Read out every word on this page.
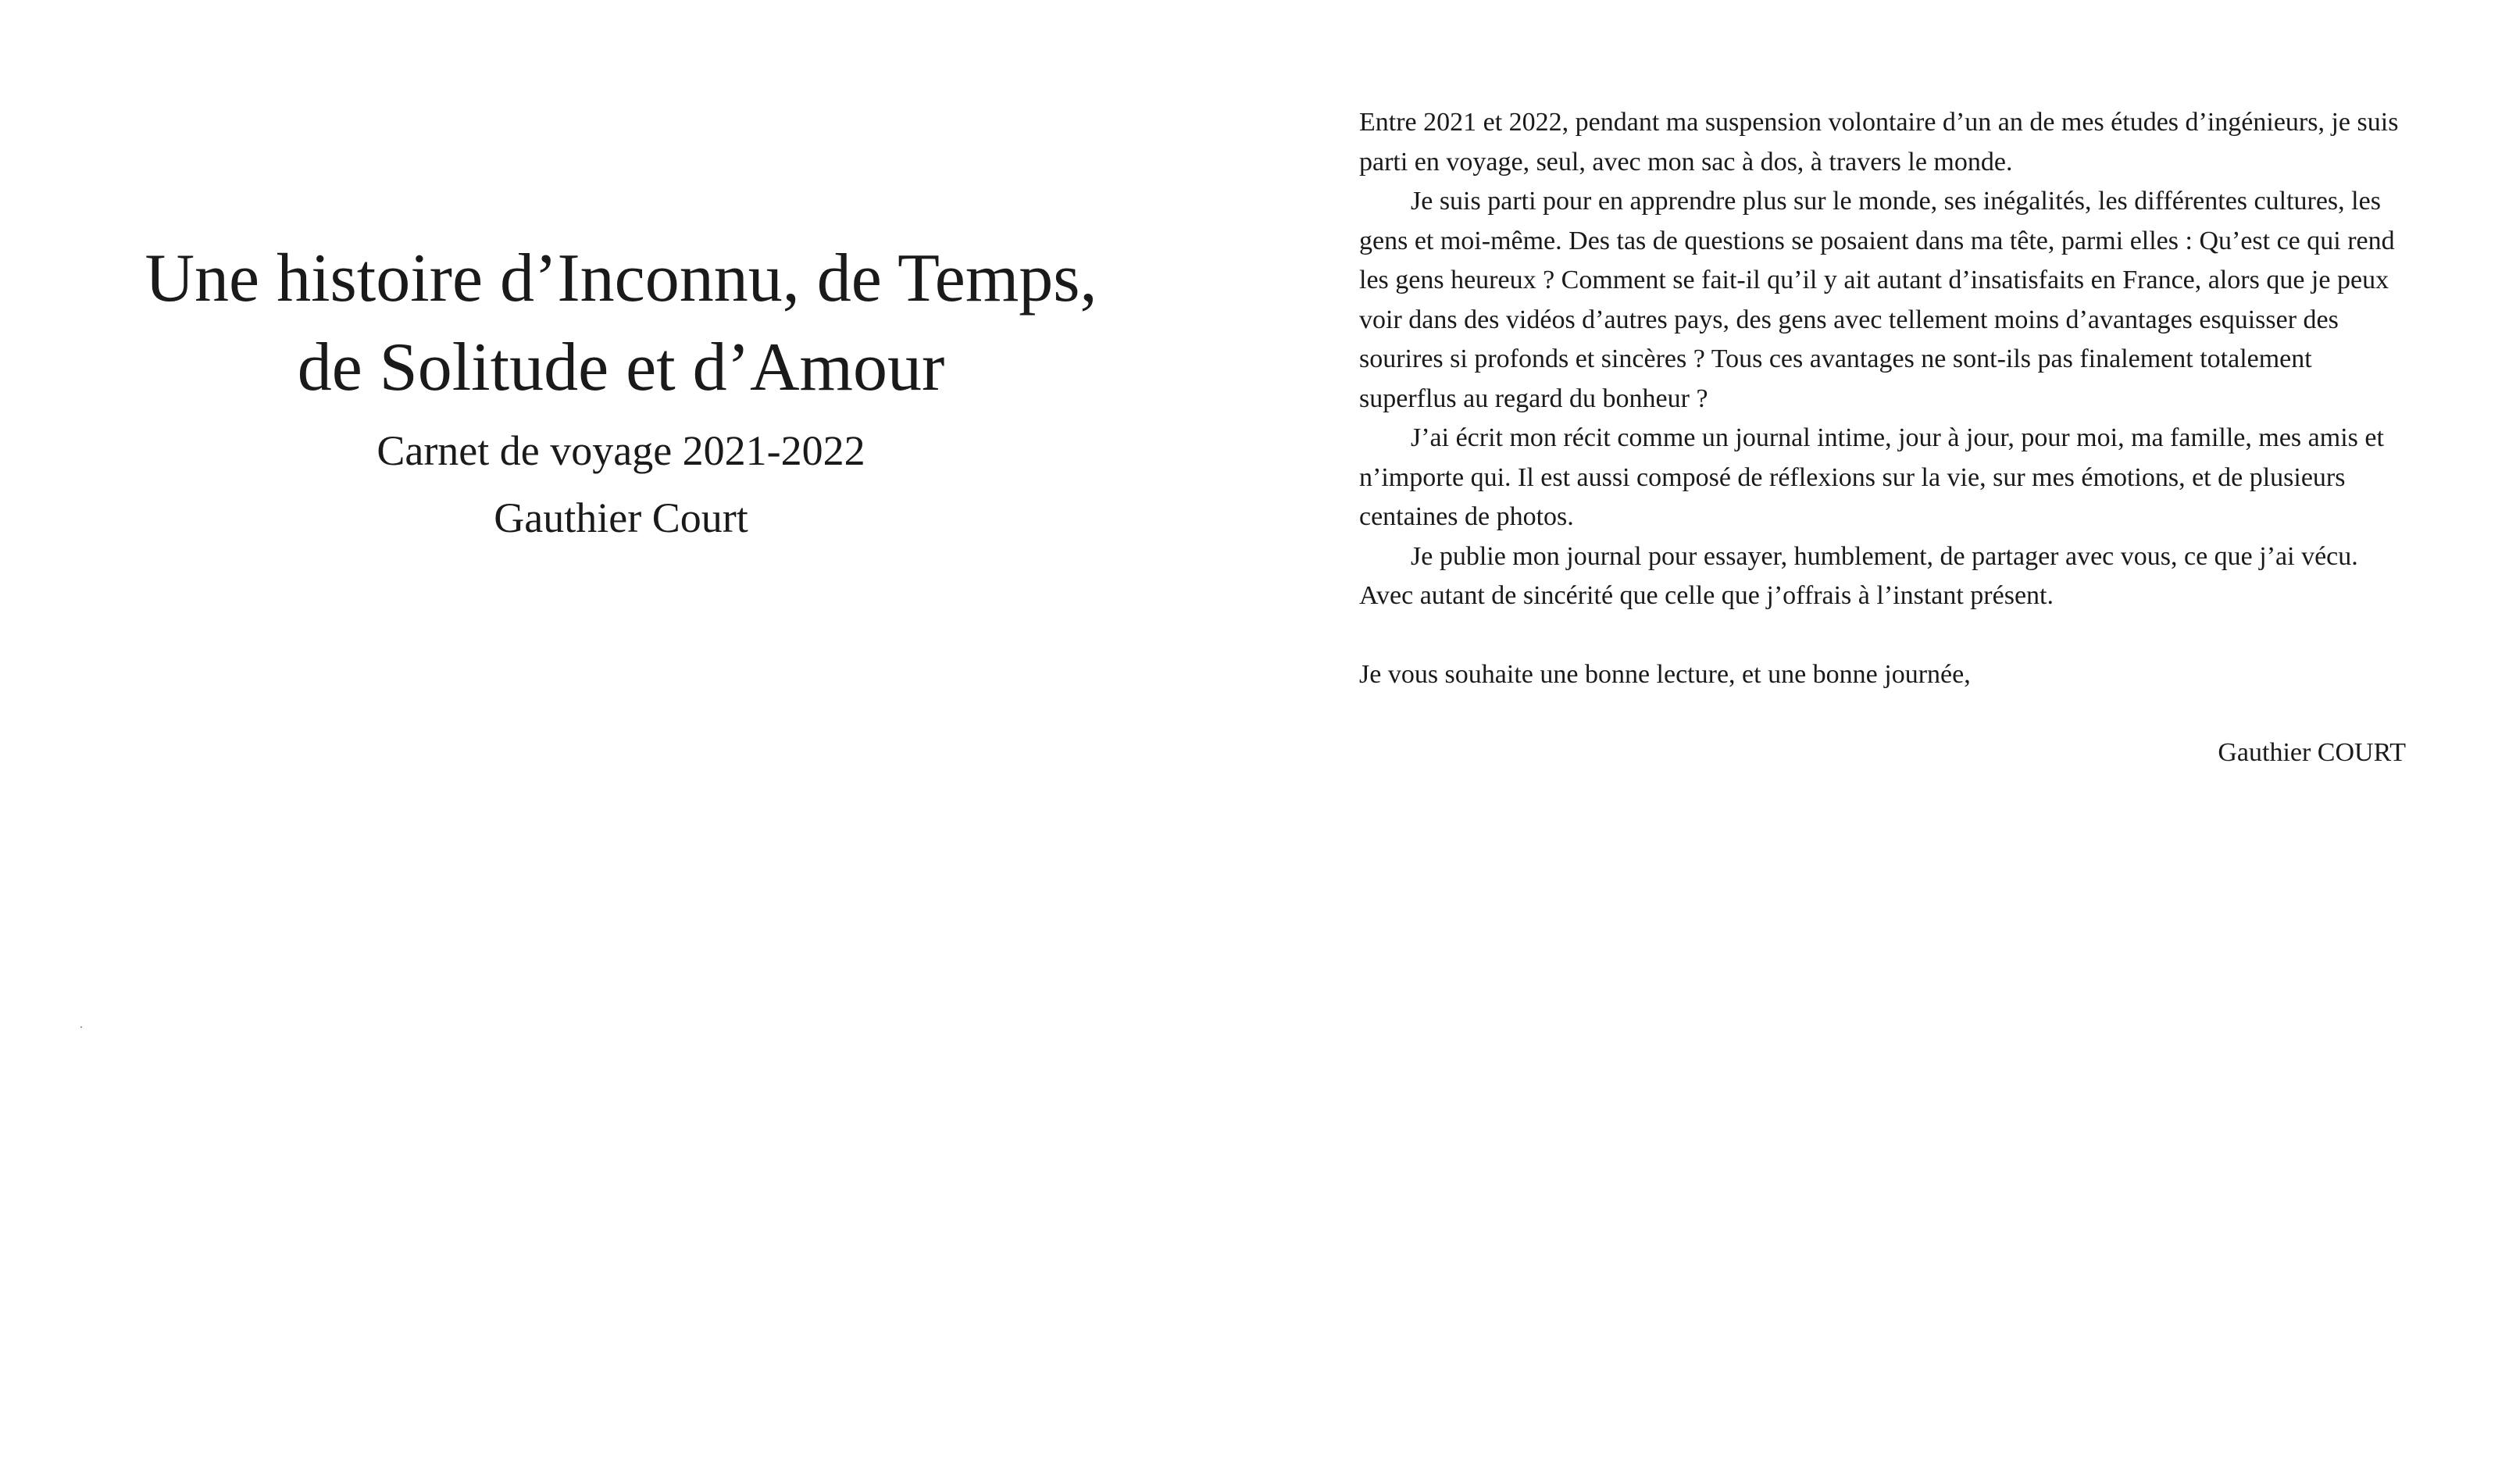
Une histoire d’Inconnu, de Temps,
de Solitude et d’Amour
Carnet de voyage 2021-2022
Gauthier Court

Entre 2021 et 2022, pendant ma suspension volontaire d’un an de mes études d’ingénieurs, je suis parti en voyage, seul, avec mon sac à dos, à travers le monde.

Je suis parti pour en apprendre plus sur le monde, ses inégalités, les différentes cultures, les gens et moi-même. Des tas de questions se posaient dans ma tête, parmi elles : Qu’est ce qui rend les gens heureux ? Comment se fait-il qu’il y ait autant d’insatisfaits en France, alors que je peux voir dans des vidéos d’autres pays, des gens avec tellement moins d’avantages esquisser des sourires si profonds et sincères ? Tous ces avantages ne sont-ils pas finalement totalement superflus au regard du bonheur ?

J’ai écrit mon récit comme un journal intime, jour à jour, pour moi, ma famille, mes amis et n’importe qui. Il est aussi composé de réflexions sur la vie, sur mes émotions, et de plusieurs centaines de photos.

Je publie mon journal pour essayer, humblement, de partager avec vous, ce que j’ai vécu. Avec autant de sincérité que celle que j’offrais à l’instant présent.

Je vous souhaite une bonne lecture, et une bonne journée,

Gauthier COURT
